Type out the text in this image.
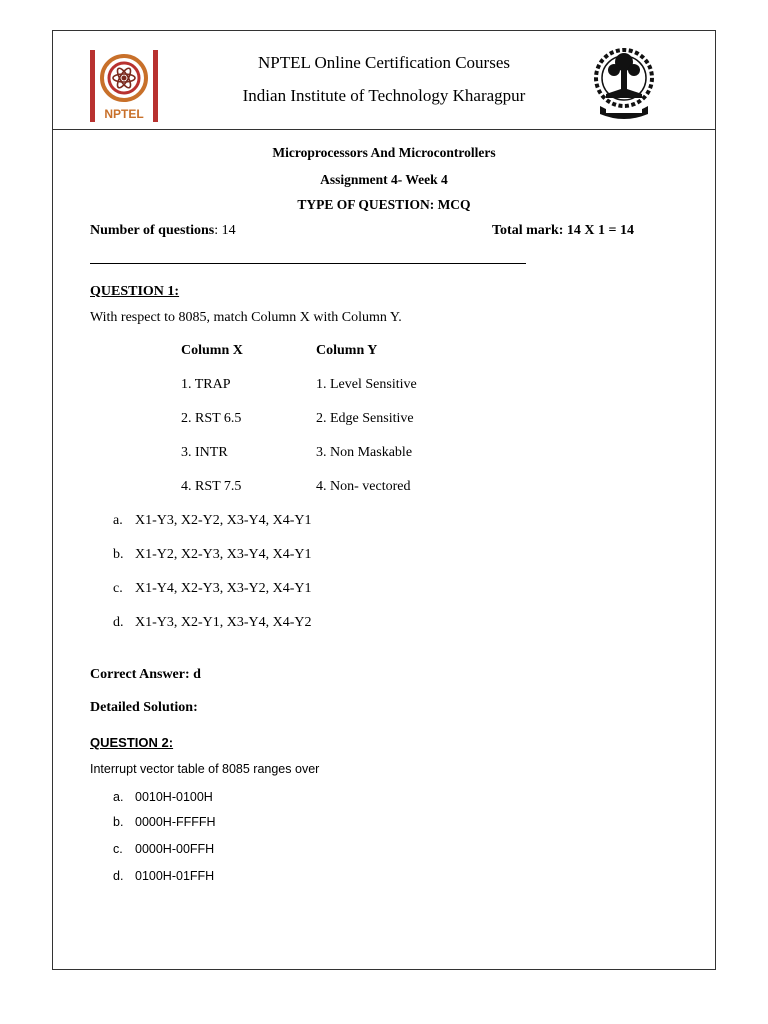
NPTEL
NPTEL Online Certification Courses
Indian Institute of Technology Kharagpur
Microprocessors And Microcontrollers
Assignment 4- Week 4
TYPE OF QUESTION: MCQ
Number of questions: 14	Total mark: 14 X 1 = 14
QUESTION 1:
With respect to 8085, match Column X with Column Y.
Column X	Column Y
1. TRAP	1. Level Sensitive
2. RST 6.5	2. Edge Sensitive
3. INTR	3. Non Maskable
4. RST 7.5	4. Non- vectored
a. X1-Y3, X2-Y2, X3-Y4, X4-Y1
b. X1-Y2, X2-Y3, X3-Y4, X4-Y1
c. X1-Y4, X2-Y3, X3-Y2, X4-Y1
d. X1-Y3, X2-Y1, X3-Y4, X4-Y2
Correct Answer: d
Detailed Solution:
QUESTION 2:
Interrupt vector table of 8085 ranges over
a. 0010H-0100H
b. 0000H-FFFFH
c. 0000H-00FFH
d. 0100H-01FFH
